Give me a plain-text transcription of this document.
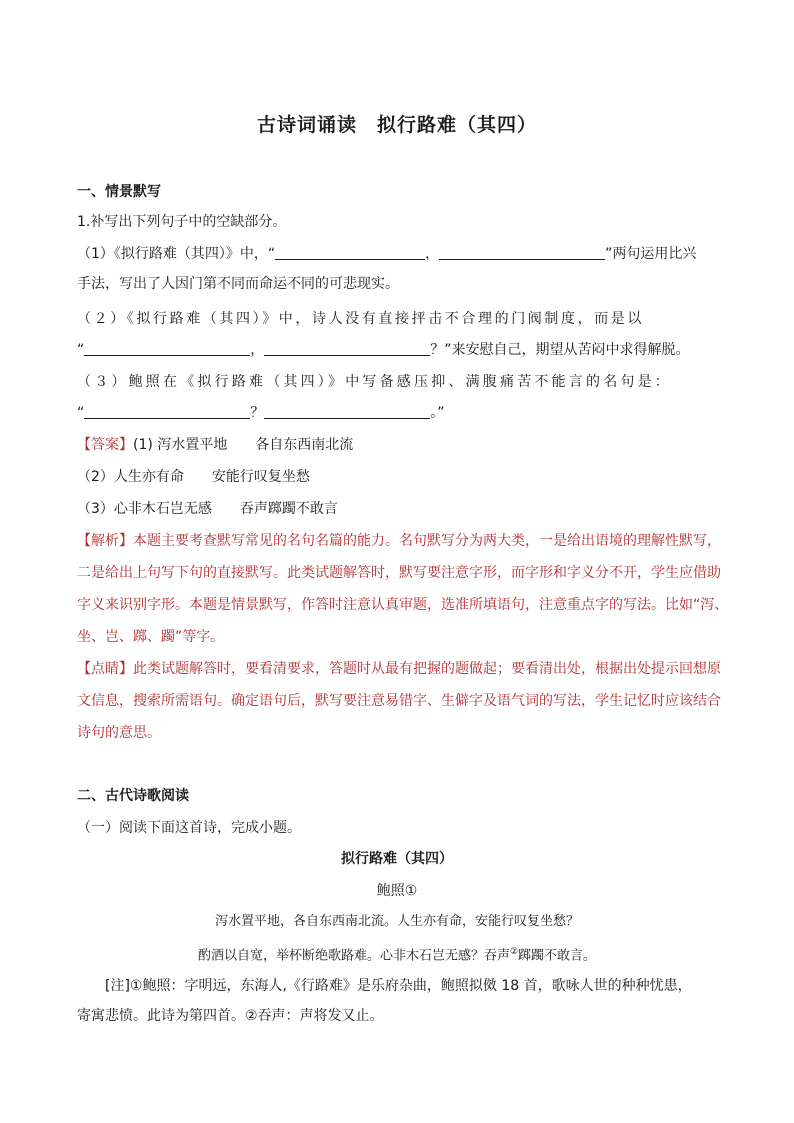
古诗词诵读　拟行路难（其四）
一、情景默写
1.补写出下列句子中的空缺部分。
（1）《拟行路难（其四）》中，“	，	”两句运用比兴
手法，写出了人因门第不同而命运不同的可悲现实。
（２）《拟行路难（其四）》中，诗人没有直接抨击不合理的门阀制度，而是以
“	，	？”来安慰自己，期望从苦闷中求得解脱。
（３）鲍照在《拟行路难（其四）》中写备感压抑、满腹痛苦不能言的名句是：
“	？	。”
【答案】(1) 泻水置平地　　各自东西南北流
（2）人生亦有命　　安能行叹复坐愁
（3）心非木石岂无感　　吞声踯躅不敢言
【解析】本题主要考查默写常见的名句名篇的能力。名句默写分为两大类，一是给出语境的理解性默写，
二是给出上句写下句的直接默写。此类试题解答时，默写要注意字形，而字形和字义分不开，学生应借助
字义来识别字形。本题是情景默写，作答时注意认真审题，选准所填语句，注意重点字的写法。比如“泻、
坐、岂、踯、躅”等字。
【点睛】此类试题解答时，要看清要求，答题时从最有把握的题做起；要看清出处，根据出处提示回想原
文信息，搜索所需语句。确定语句后，默写要注意易错字、生僻字及语气词的写法，学生记忆时应该结合
诗句的意思。
二、古代诗歌阅读
（一）阅读下面这首诗，完成小题。
拟行路难（其四）
鲍照①
泻水置平地，各自东西南北流。人生亦有命，安能行叹复坐愁？
酌酒以自宽，举杯断绝歌路难。心非木石岂无感？吞声②踯躅不敢言。
[注]①鲍照：字明远，东海人,《行路难》是乐府杂曲，鲍照拟傚 18 首，歌咏人世的种种忧患，
寄寓悲愤。此诗为第四首。②吞声：声将发又止。
